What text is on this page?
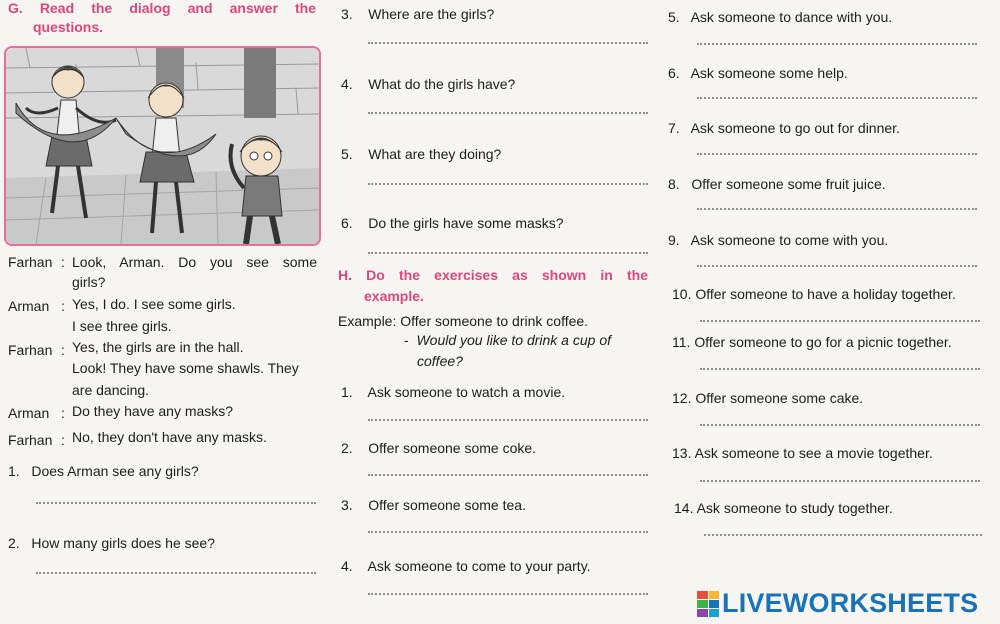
G. Read the dialog and answer the
questions.
Farhan : Look, Arman. Do you see some
girls?
Arman : Yes, I do. I see some girls.
I see three girls.
Farhan : Yes, the girls are in the hall.
Look! They have some shawls. They
are dancing.
Arman : Do they have any masks?
Farhan : No, they don't have any masks.
1. Does Arman see any girls?
2. How many girls does he see?
3. Where are the girls?
4. What do the girls have?
5. What are they doing?
6. Do the girls have some masks?
H. Do the exercises as shown in the
example.
Example: Offer someone to drink coffee.
- Would you like to drink a cup of
coffee?
1. Ask someone to watch a movie.
2. Offer someone some coke.
3. Offer someone some tea.
4. Ask someone to come to your party.
5. Ask someone to dance with you.
6. Ask someone some help.
7. Ask someone to go out for dinner.
8. Offer someone some fruit juice.
9. Ask someone to come with you.
10. Offer someone to have a holiday together.
11. Offer someone to go for a picnic together.
12. Offer someone some cake.
13. Ask someone to see a movie together.
14. Ask someone to study together.
LIVEWORKSHEETS
